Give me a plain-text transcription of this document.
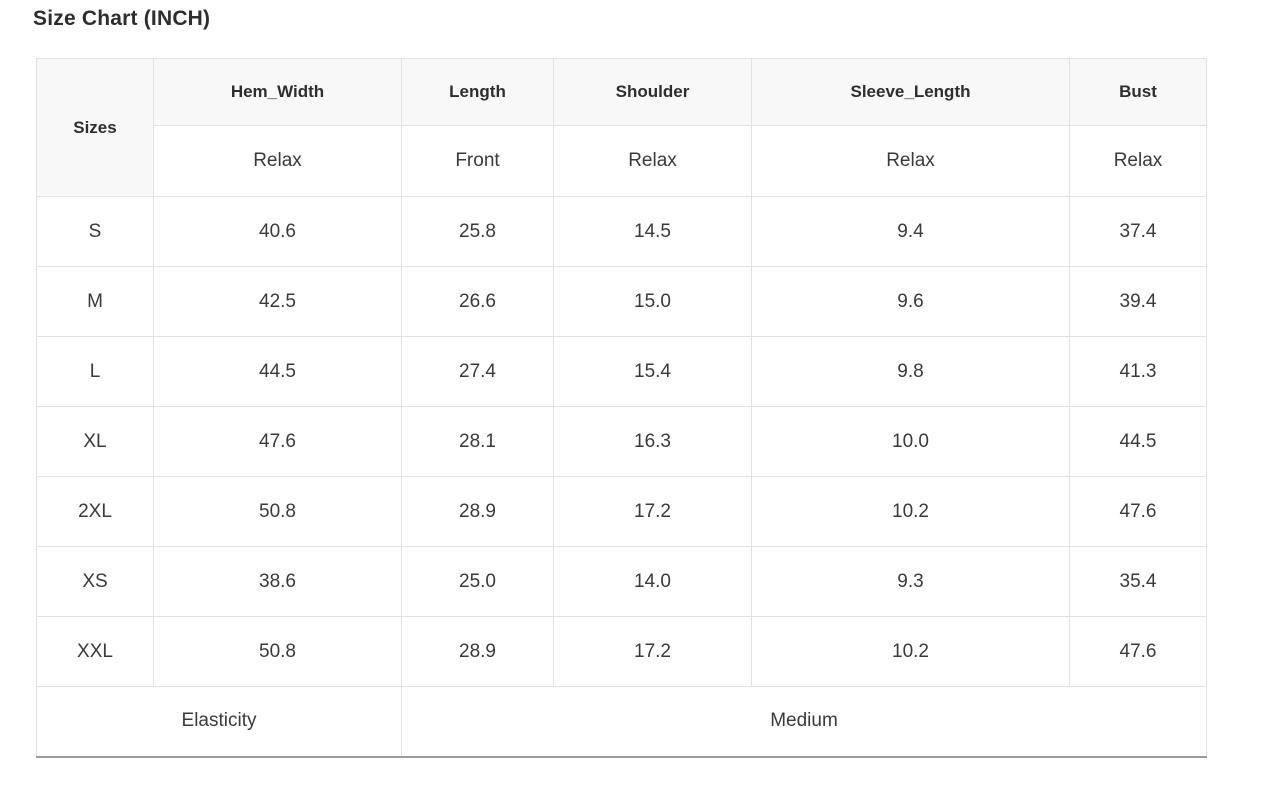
Size Chart (INCH)
Sizes	Hem_Width	Length	Shoulder	Sleeve_Length	Bust
	Relax	Front	Relax	Relax	Relax
S	40.6	25.8	14.5	9.4	37.4
M	42.5	26.6	15.0	9.6	39.4
L	44.5	27.4	15.4	9.8	41.3
XL	47.6	28.1	16.3	10.0	44.5
2XL	50.8	28.9	17.2	10.2	47.6
XS	38.6	25.0	14.0	9.3	35.4
XXL	50.8	28.9	17.2	10.2	47.6
Elasticity		Medium			
